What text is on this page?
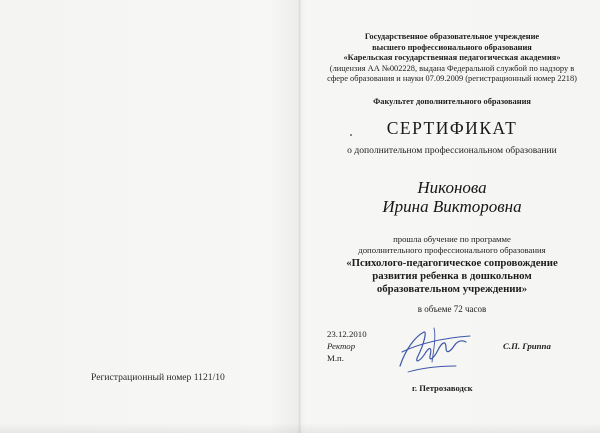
Государственное образовательное учреждение
высшего профессионального образования
«Карельская государственная педагогическая академия»
(лицензия АА №002228, выдана Федеральной службой по надзору в
сфере образования и науки 07.09.2009 (регистрационный номер 2218)
Факультет дополнительного образования
СЕРТИФИКАТ
о дополнительном профессиональном образовании
Никонова
Ирина Викторовна
прошла обучение по программе
дополнительного профессионального образования
«Психолого-педагогическое сопровождение
развития ребенка в дошкольном
образовательном учреждении»
в объеме 72 часов
23.12.2010
Ректор
М.п.
С.П. Гриппа
г. Петрозаводск
Регистрационный номер 1121/10
